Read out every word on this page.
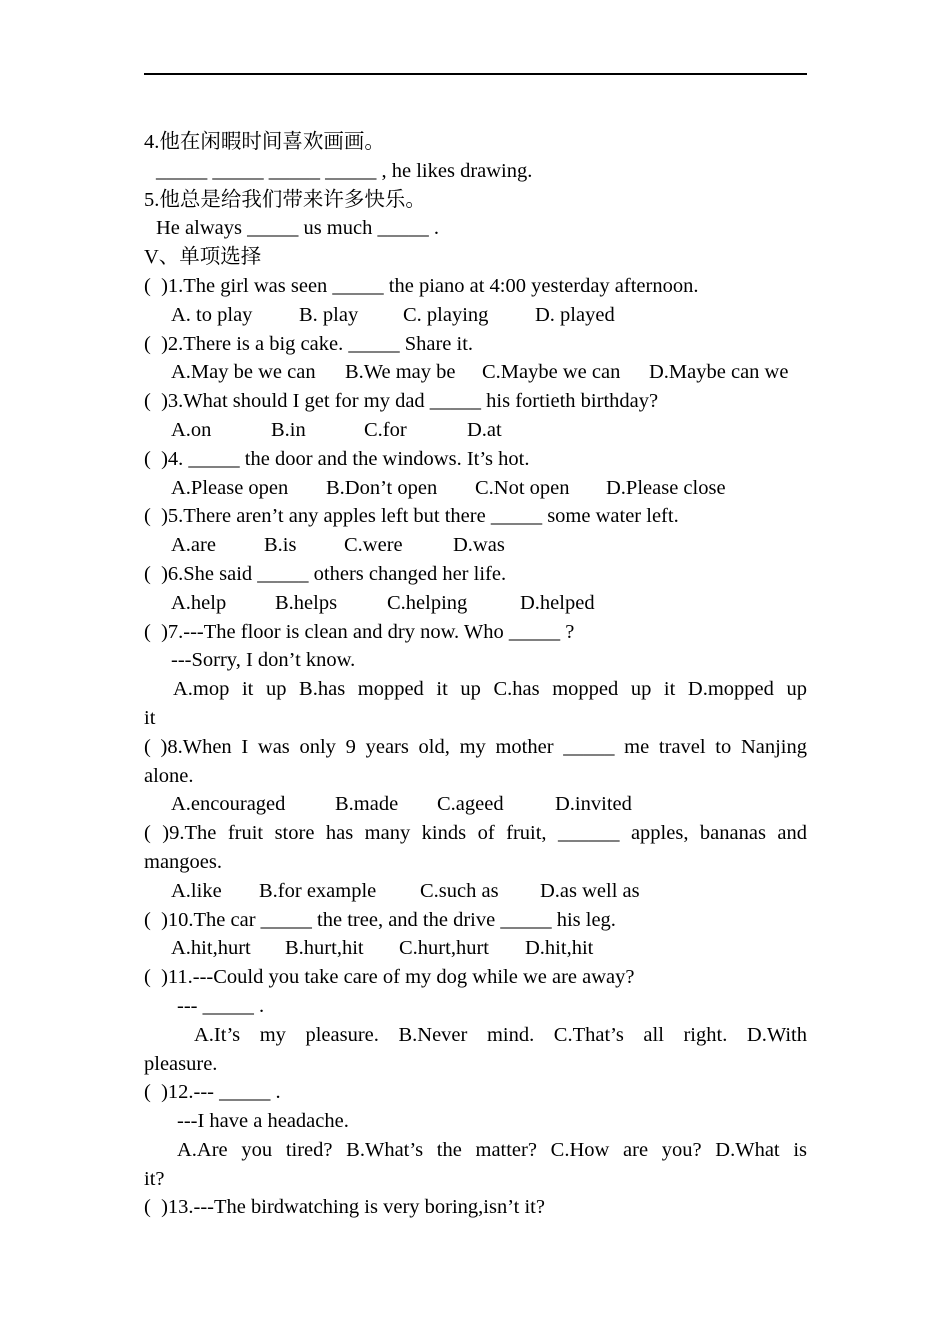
4.他在闲暇时间喜欢画画。
_____ _____ _____ _____ , he likes drawing.
5.他总是给我们带来许多快乐。
He always _____ us much _____ .
V、单项选择
(  )1.The girl was seen _____ the piano at 4:00 yesterday afternoon.
A. to play B. play C. playing D. played
(  )2.There is a big cake. _____ Share it.
A.May be we can B.We may be C.Maybe we can D.Maybe can we
(  )3.What should I get for my dad _____ his fortieth birthday?
A.on	B.in	C.for	D.at
(  )4. _____ the door and the windows. It’s hot.
A.Please open B.Don’t open C.Not open D.Please close
(  )5.There aren’t any apples left but there _____ some water left.
A.are B.is C.were D.was
(  )6.She said _____ others changed her life.
A.help B.helps C.helping	D.helped
(  )7.---The floor is clean and dry now. Who _____ ?
---Sorry, I don’t know.
A.mop it up B.has mopped it up C.has mopped up it D.mopped up
it
( )8.When I was only 9 years old, my mother _____ me travel to Nanjing
alone.
A.encouraged B.made C.ageed	D.invited
( )9.The fruit store has many kinds of fruit, ______ apples, bananas and
mangoes.
A.like B.for example C.such as D.as well as
(  )10.The car _____ the tree, and the drive _____ his leg.
A.hit,hurt B.hurt,hit C.hurt,hurt D.hit,hit
(  )11.---Could you take care of my dog while we are away?
--- _____ .
A.It’s my pleasure. B.Never mind. C.That’s all right. D.With
pleasure.
(  )12.--- _____ .
---I have a headache.
A.Are you tired? B.What’s the matter? C.How are you? D.What is
it?
(  )13.---The birdwatching is very boring,isn’t it?
